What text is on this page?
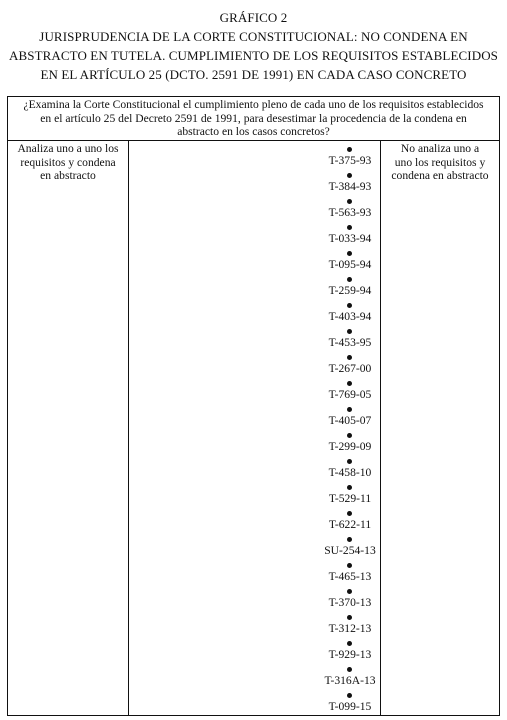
GRÁFICO 2
JURISPRUDENCIA DE LA CORTE CONSTITUCIONAL: NO CONDENA EN
ABSTRACTO EN TUTELA. CUMPLIMIENTO DE LOS REQUISITOS ESTABLECIDOS
EN EL ARTÍCULO 25 (DCTO. 2591 DE 1991) EN CADA CASO CONCRETO
¿Examina la Corte Constitucional el cumplimiento pleno de cada uno de los requisitos establecidos
en el artículo 25 del Decreto 2591 de 1991, para desestimar la procedencia de la condena en
abstracto en los casos concretos?
Analiza uno a uno los
requisitos y condena
en abstracto
T-375-93
T-384-93
T-563-93
T-033-94
T-095-94
T-259-94
T-403-94
T-453-95
T-267-00
T-769-05
T-405-07
T-299-09
T-458-10
T-529-11
T-622-11
SU-254-13
T-465-13
T-370-13
T-312-13
T-929-13
T-316A-13
T-099-15
No analiza uno a
uno los requisitos y
condena en abstracto
